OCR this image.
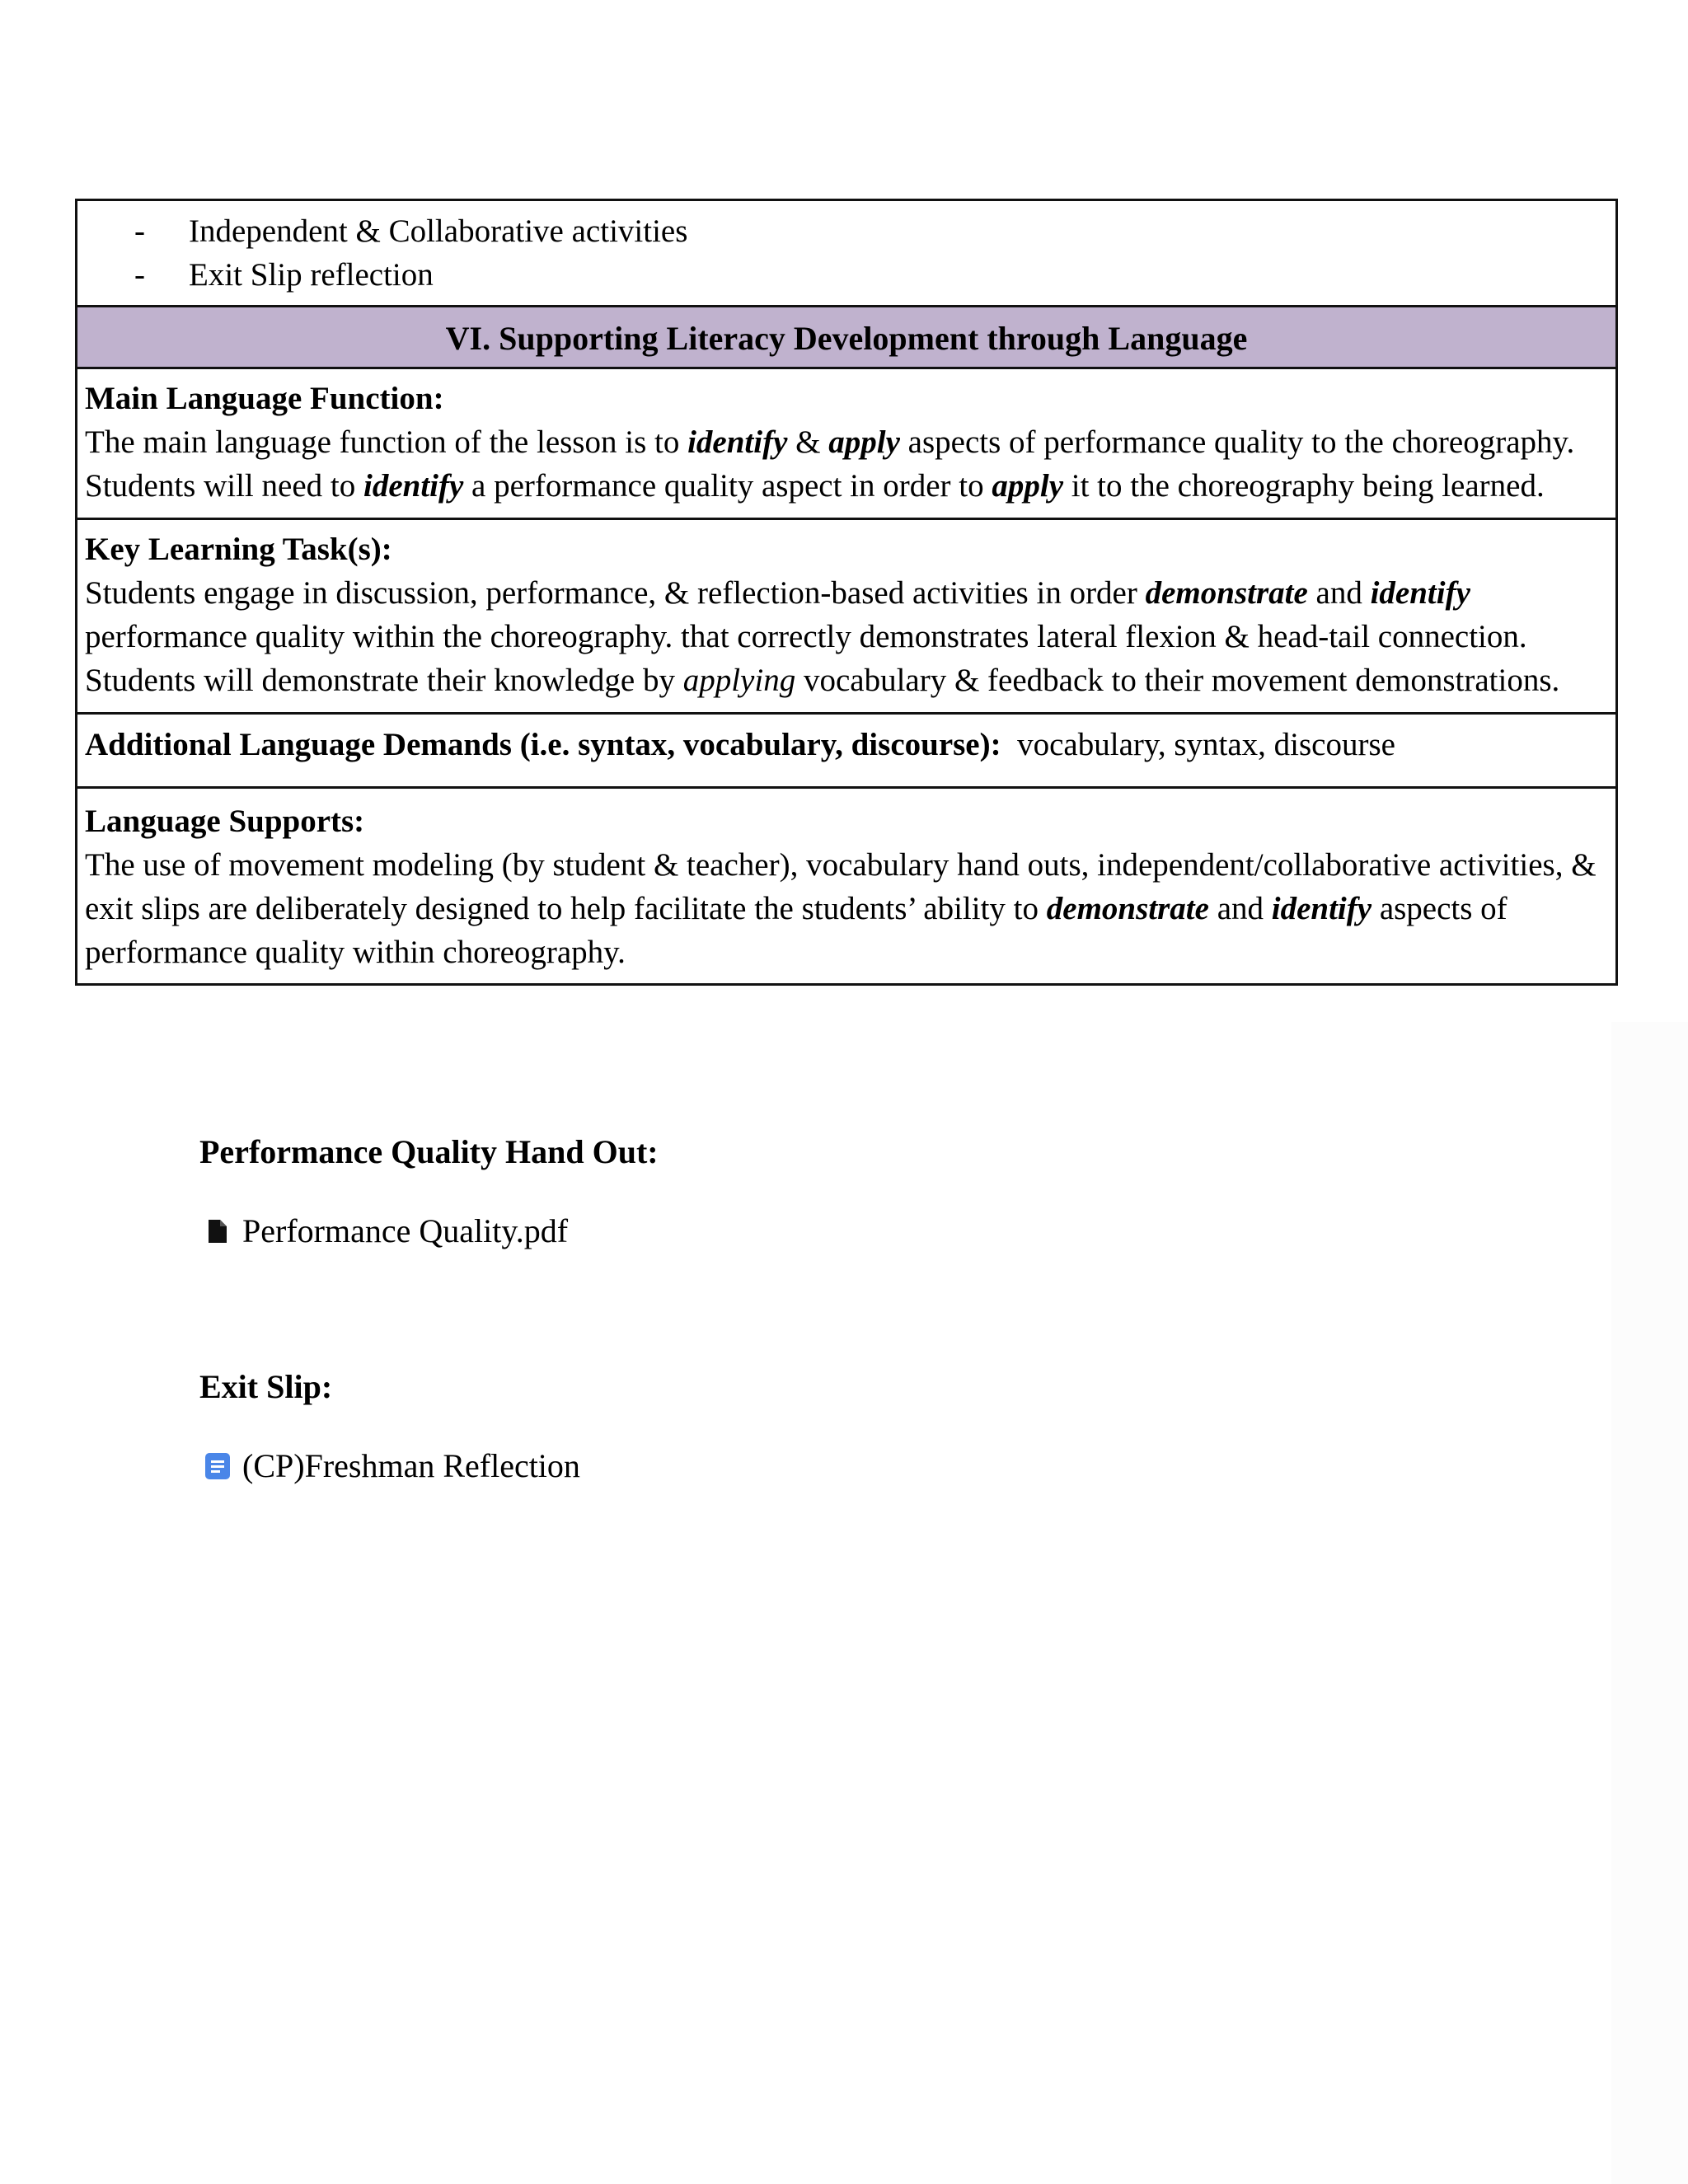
-	Independent & Collaborative activities
-	Exit Slip reflection
VI. Supporting Literacy Development through Language
Main Language Function:
The main language function of the lesson is to identify & apply aspects of performance quality to the choreography. Students will need to identify a performance quality aspect in order to apply it to the choreography being learned.
Key Learning Task(s):
Students engage in discussion, performance, & reflection-based activities in order demonstrate and identify performance quality within the choreography. that correctly demonstrates lateral flexion & head-tail connection. Students will demonstrate their knowledge by applying vocabulary & feedback to their movement demonstrations.
Additional Language Demands (i.e. syntax, vocabulary, discourse): vocabulary, syntax, discourse
Language Supports:
The use of movement modeling (by student & teacher), vocabulary hand outs, independent/collaborative activities, & exit slips are deliberately designed to help facilitate the students’ ability to demonstrate and identify aspects of performance quality within choreography.
Performance Quality Hand Out:
Performance Quality.pdf
Exit Slip:
(CP)Freshman Reflection
